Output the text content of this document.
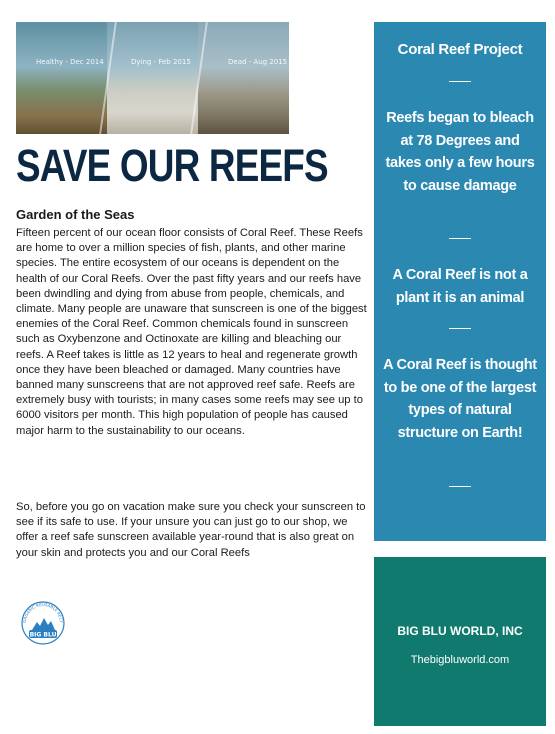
Healthy - Dec 2014	Dying - Feb 2015	Dead - Aug 2015
SAVE OUR REEFS
Garden of the Seas

Fifteen percent of our ocean floor consists of Coral Reef. These Reefs are home to over a million species of fish, plants, and other marine species. The entire ecosystem of our oceans is dependent on the health of our Coral Reefs. Over the past fifty years and our reefs have been dwindling and dying from abuse from people, chemicals, and climate. Many people are unaware that sunscreen is one of the biggest enemies of the Coral Reef. Common chemicals found in sunscreen such as Oxybenzone and Octinoxate are killing and bleaching our reefs. A Reef takes is little as 12 years to heal and regenerate growth once they have been bleached or damaged. Many countries have banned many sunscreens that are not approved reef safe. Reefs are extremely busy with tourists; in many cases some reefs may see up to 6000 visitors per month. This high population of people has caused major harm to the sustainability to our oceans.

So, before you go on vacation make sure you check your sunscreen to see if its safe to use. If your unsure you can just go to our shop, we offer a reef safe sunscreen available year-round that is also great on your skin and protects you and our Coral Reefs

ORGANIC REUSABLE RECY
BIG BLU
Coral Reef Project
Reefs began to bleach at 78 Degrees and takes only a few hours to cause damage
A Coral Reef is not a plant it is an animal
A Coral Reef is thought to be one of the largest types of natural structure on Earth!
BIG BLU WORLD, INC
Thebigbluworld.com
